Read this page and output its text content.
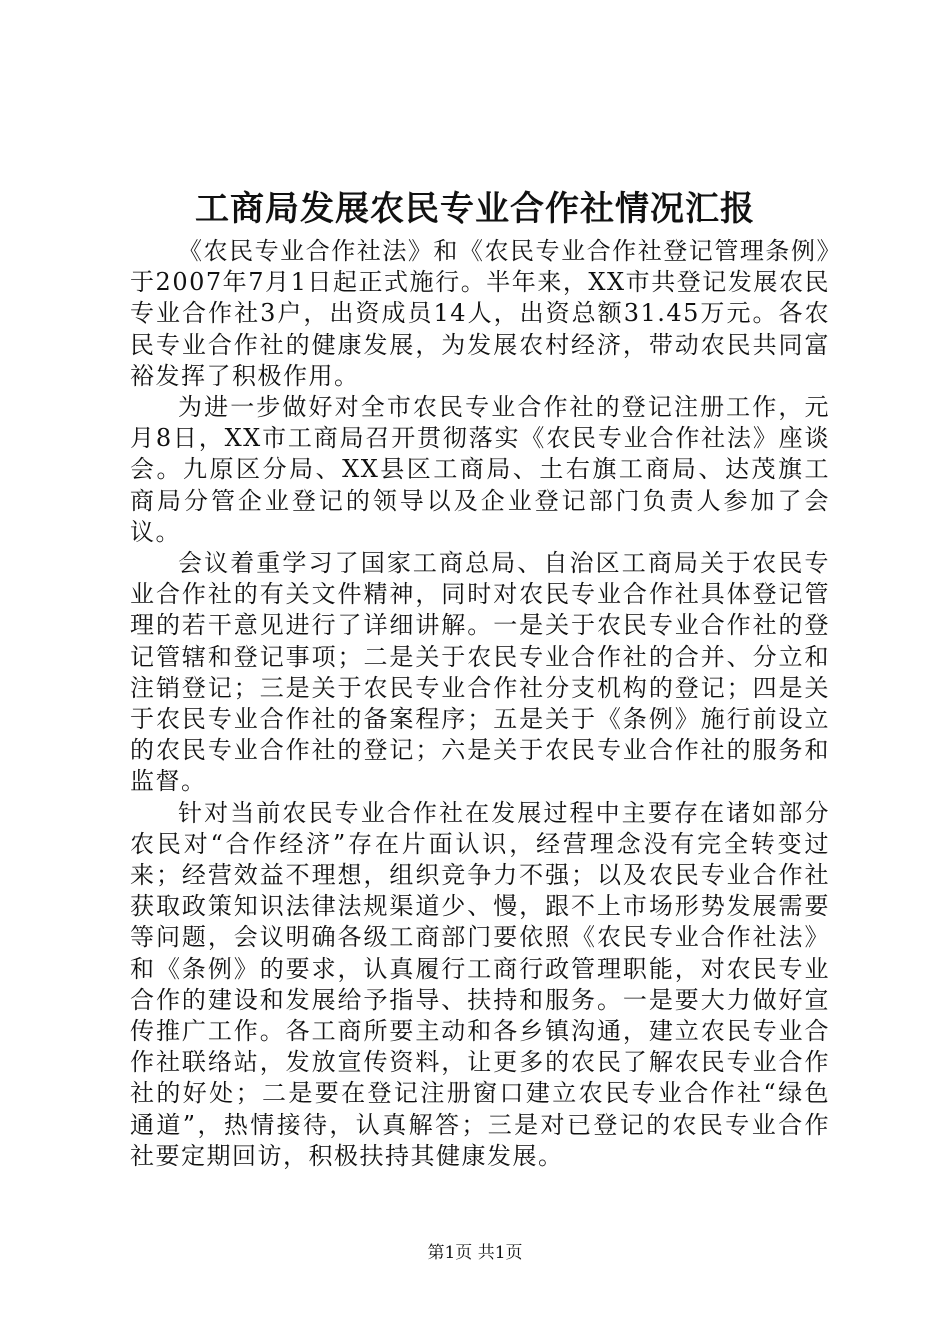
工商局发展农民专业合作社情况汇报

《农民专业合作社法》和《农民专业合作社登记管理条例》于2007年7月1日起正式施行。半年来，XX市共登记发展农民专业合作社3户，出资成员14人，出资总额31.45万元。各农民专业合作社的健康发展，为发展农村经济，带动农民共同富裕发挥了积极作用。

为进一步做好对全市农民专业合作社的登记注册工作，元月8日，XX市工商局召开贯彻落实《农民专业合作社法》座谈会。九原区分局、XX县区工商局、土右旗工商局、达茂旗工商局分管企业登记的领导以及企业登记部门负责人参加了会议。

会议着重学习了国家工商总局、自治区工商局关于农民专业合作社的有关文件精神，同时对农民专业合作社具体登记管理的若干意见进行了详细讲解。一是关于农民专业合作社的登记管辖和登记事项；二是关于农民专业合作社的合并、分立和注销登记；三是关于农民专业合作社分支机构的登记；四是关于农民专业合作社的备案程序；五是关于《条例》施行前设立的农民专业合作社的登记；六是关于农民专业合作社的服务和监督。

针对当前农民专业合作社在发展过程中主要存在诸如部分农民对“合作经济”存在片面认识，经营理念没有完全转变过来；经营效益不理想，组织竞争力不强；以及农民专业合作社获取政策知识法律法规渠道少、慢，跟不上市场形势发展需要等问题，会议明确各级工商部门要依照《农民专业合作社法》和《条例》的要求，认真履行工商行政管理职能，对农民专业合作的建设和发展给予指导、扶持和服务。一是要大力做好宣传推广工作。各工商所要主动和各乡镇沟通，建立农民专业合作社联络站，发放宣传资料，让更多的农民了解农民专业合作社的好处；二是要在登记注册窗口建立农民专业合作社“绿色通道”，热情接待，认真解答；三是对已登记的农民专业合作社要定期回访，积极扶持其健康发展。

第1页 共1页
